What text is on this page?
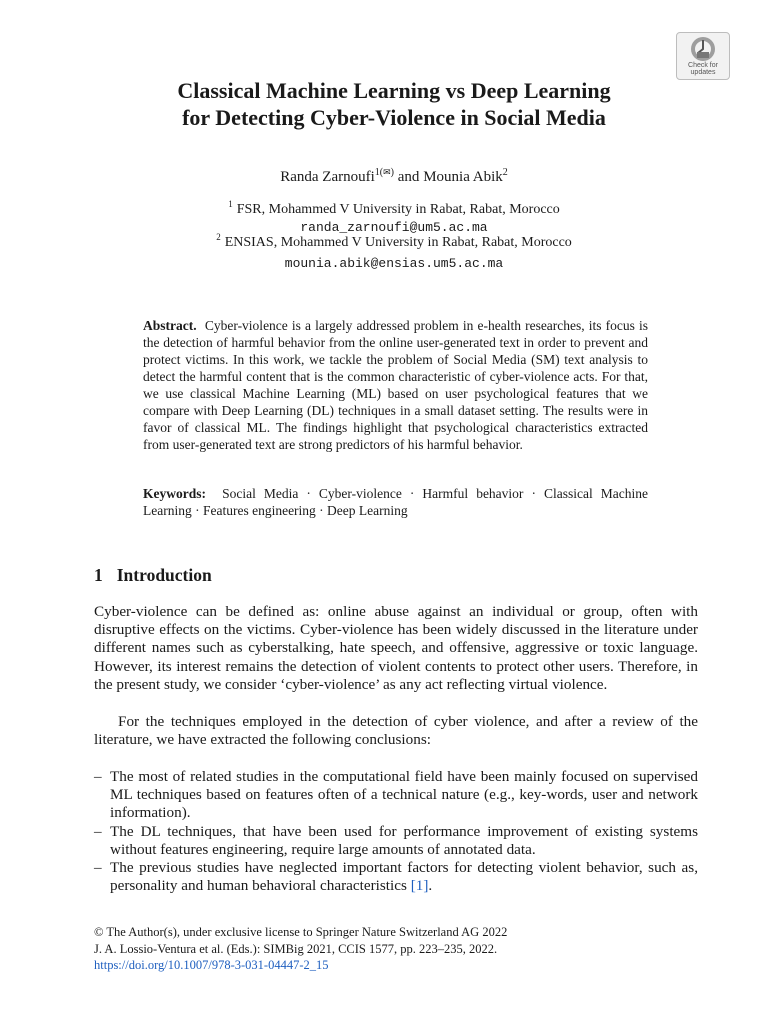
Check for
updates
Classical Machine Learning vs Deep Learning
for Detecting Cyber-Violence in Social Media
Randa Zarnoufi$^{1(✉)}$ and Mounia Abik$^2$
$^1$ FSR, Mohammed V University in Rabat, Rabat, Morocco
randa_zarnoufi@um5.ac.ma
$^2$ ENSIAS, Mohammed V University in Rabat, Rabat, Morocco
mounia.abik@ensias.um5.ac.ma
Abstract. Cyber-violence is a largely addressed problem in e-health researches, its focus is the detection of harmful behavior from the online user-generated text in order to prevent and protect victims. In this work, we tackle the problem of Social Media (SM) text analysis to detect the harmful content that is the common characteristic of cyber-violence acts. For that, we use classical Machine Learning (ML) based on user psychological features that we compare with Deep Learning (DL) techniques in a small dataset setting. The results were in favor of classical ML. The findings highlight that psychological characteristics extracted from user-generated text are strong predictors of his harmful behavior.
Keywords: Social Media · Cyber-violence · Harmful behavior · Classical Machine Learning · Features engineering · Deep Learning
1 Introduction
Cyber-violence can be defined as: online abuse against an individual or group, often with disruptive effects on the victims. Cyber-violence has been widely discussed in the literature under different names such as cyberstalking, hate speech, and offensive, aggressive or toxic language. However, its interest remains the detection of violent contents to protect other users. Therefore, in the present study, we consider ‘cyber-violence’ as any act reflecting virtual violence.
For the techniques employed in the detection of cyber violence, and after a review of the literature, we have extracted the following conclusions:
– The most of related studies in the computational field have been mainly focused on supervised ML techniques based on features often of a technical nature (e.g., key-words, user and network information).
– The DL techniques, that have been used for performance improvement of existing systems without features engineering, require large amounts of annotated data.
– The previous studies have neglected important factors for detecting violent behavior, such as, personality and human behavioral characteristics [1].
© The Author(s), under exclusive license to Springer Nature Switzerland AG 2022
J. A. Lossio-Ventura et al. (Eds.): SIMBig 2021, CCIS 1577, pp. 223–235, 2022.
https://doi.org/10.1007/978-3-031-04447-2_15
